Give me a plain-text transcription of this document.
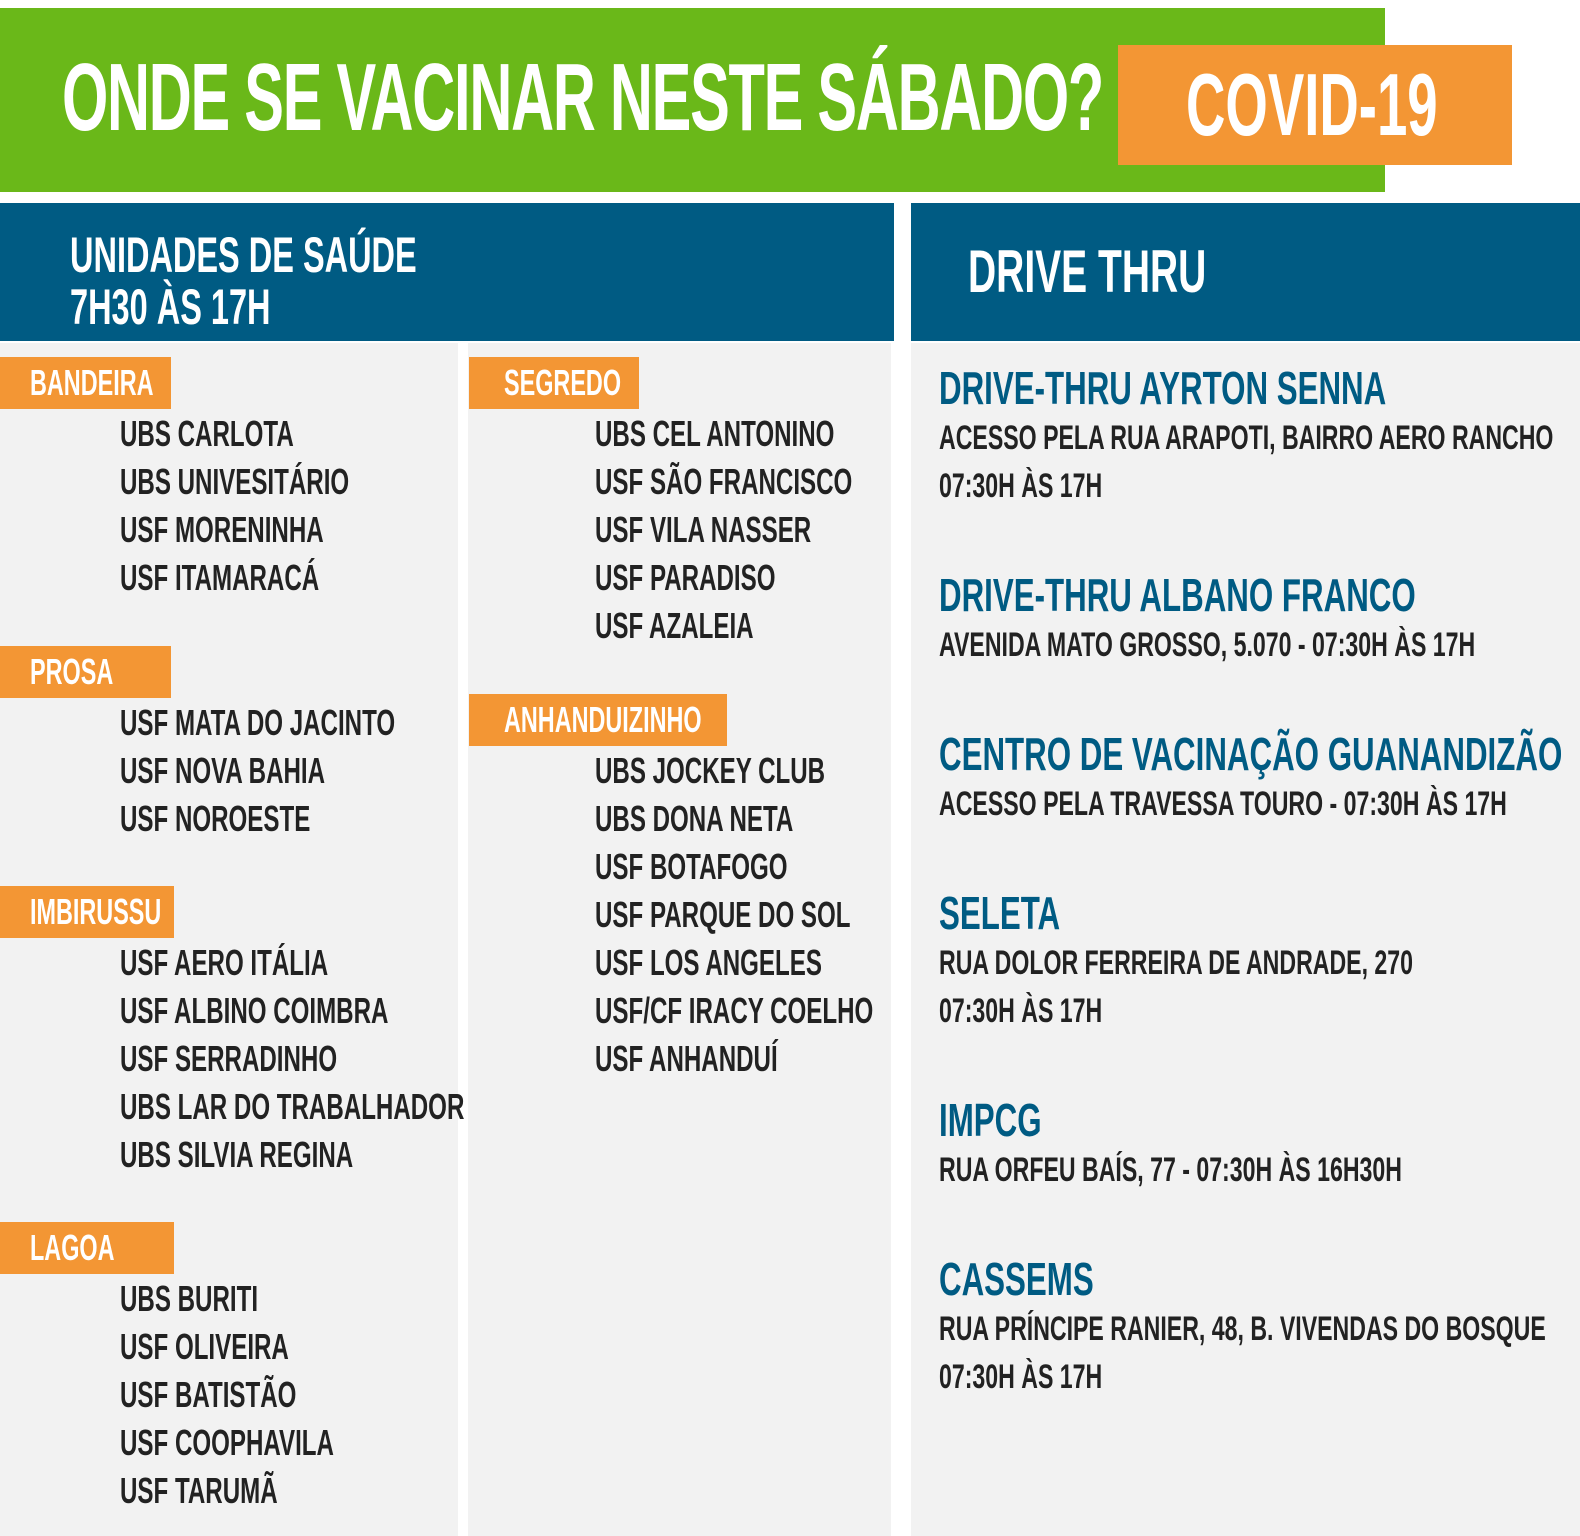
ONDE SE VACINAR NESTE SÁBADO? COVID-19
UNIDADES DE SAÚDE
7H30 ÀS 17H
DRIVE THRU
BANDEIRA
UBS CARLOTA
UBS UNIVESITÁRIO
USF MORENINHA
USF ITAMARACÁ
PROSA
USF MATA DO JACINTO
USF NOVA BAHIA
USF NOROESTE
IMBIRUSSU
USF AERO ITÁLIA
USF ALBINO COIMBRA
USF SERRADINHO
UBS LAR DO TRABALHADOR
UBS SILVIA REGINA
LAGOA
UBS BURITI
USF OLIVEIRA
USF BATISTÃO
USF COOPHAVILA
USF TARUMÃ
SEGREDO
UBS CEL ANTONINO
USF SÃO FRANCISCO
USF VILA NASSER
USF PARADISO
USF AZALEIA
ANHANDUIZINHO
UBS JOCKEY CLUB
UBS DONA NETA
USF BOTAFOGO
USF PARQUE DO SOL
USF LOS ANGELES
USF/CF IRACY COELHO
USF ANHANDUÍ
DRIVE-THRU AYRTON SENNA
ACESSO PELA RUA ARAPOTI, BAIRRO AERO RANCHO
07:30H ÀS 17H
DRIVE-THRU ALBANO FRANCO
AVENIDA MATO GROSSO, 5.070 - 07:30H ÀS 17H
CENTRO DE VACINAÇÃO GUANANDIZÃO
ACESSO PELA TRAVESSA TOURO - 07:30H ÀS 17H
SELETA
RUA DOLOR FERREIRA DE ANDRADE, 270
07:30H ÀS 17H
IMPCG
RUA ORFEU BAÍS, 77 - 07:30H ÀS 16H30H
CASSEMS
RUA PRÍNCIPE RANIER, 48, B. VIVENDAS DO BOSQUE
07:30H ÀS 17H
